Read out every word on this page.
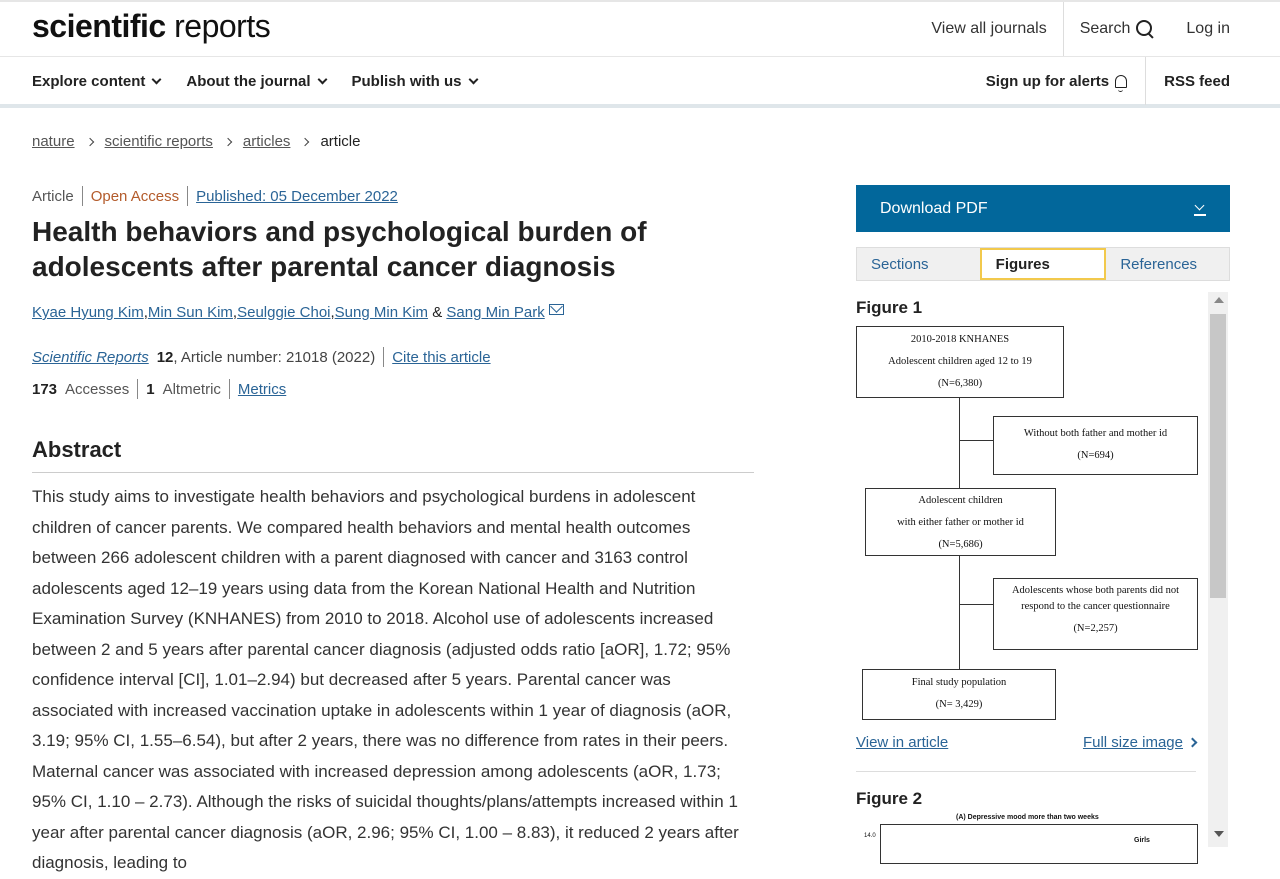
scientific reports	View all journals	Search	Log in
Explore content	About the journal	Publish with us	Sign up for alerts	RSS feed
nature scientific reports articles article
Article Open Access Published: 05 December 2022
Health behaviors and psychological burden of adolescents after parental cancer diagnosis
Kyae Hyung Kim , Min Sun Kim , Seulggie Choi , Sung Min Kim & Sang Min Park
Scientific Reports 12 , Article number: 21018 (2022) Cite this article
173 Accesses 1 Altmetric Metrics
Abstract

This study aims to investigate health behaviors and psychological burdens in adolescent children of cancer parents. We compared health behaviors and mental health outcomes between 266 adolescent children with a parent diagnosed with cancer and 3163 control adolescents aged 12–19 years using data from the Korean National Health and Nutrition Examination Survey (KNHANES) from 2010 to 2018. Alcohol use of adolescents increased between 2 and 5 years after parental cancer diagnosis (adjusted odds ratio [aOR], 1.72; 95% confidence interval [CI], 1.01–2.94) but decreased after 5 years. Parental cancer was associated with increased vaccination uptake in adolescents within 1 year of diagnosis (aOR, 3.19; 95% CI, 1.55–6.54), but after 2 years, there was no difference from rates in their peers. Maternal cancer was associated with increased depression among adolescents (aOR, 1.73; 95% CI, 1.10 – 2.73). Although the risks of suicidal thoughts/plans/attempts increased within 1 year after parental cancer diagnosis (aOR, 2.96; 95% CI, 1.00 – 8.83), it reduced 2 years after diagnosis, leading to

Download PDF
Sections	Figures	References
Figure 1
2010-2018 KNHANES
Adolescent children aged 12 to 19
(N=6,380)
Without both father and mother id
(N=694)
Adolescent children
with either father or mother id
(N=5,686)
Adolescents whose both parents did not
respond to the cancer questionnaire
(N=2,257)
Final study population
(N= 3,429)
View in article	Full size image
Figure 2
(A) Depressive mood more than two weeks
14.0
Girls
